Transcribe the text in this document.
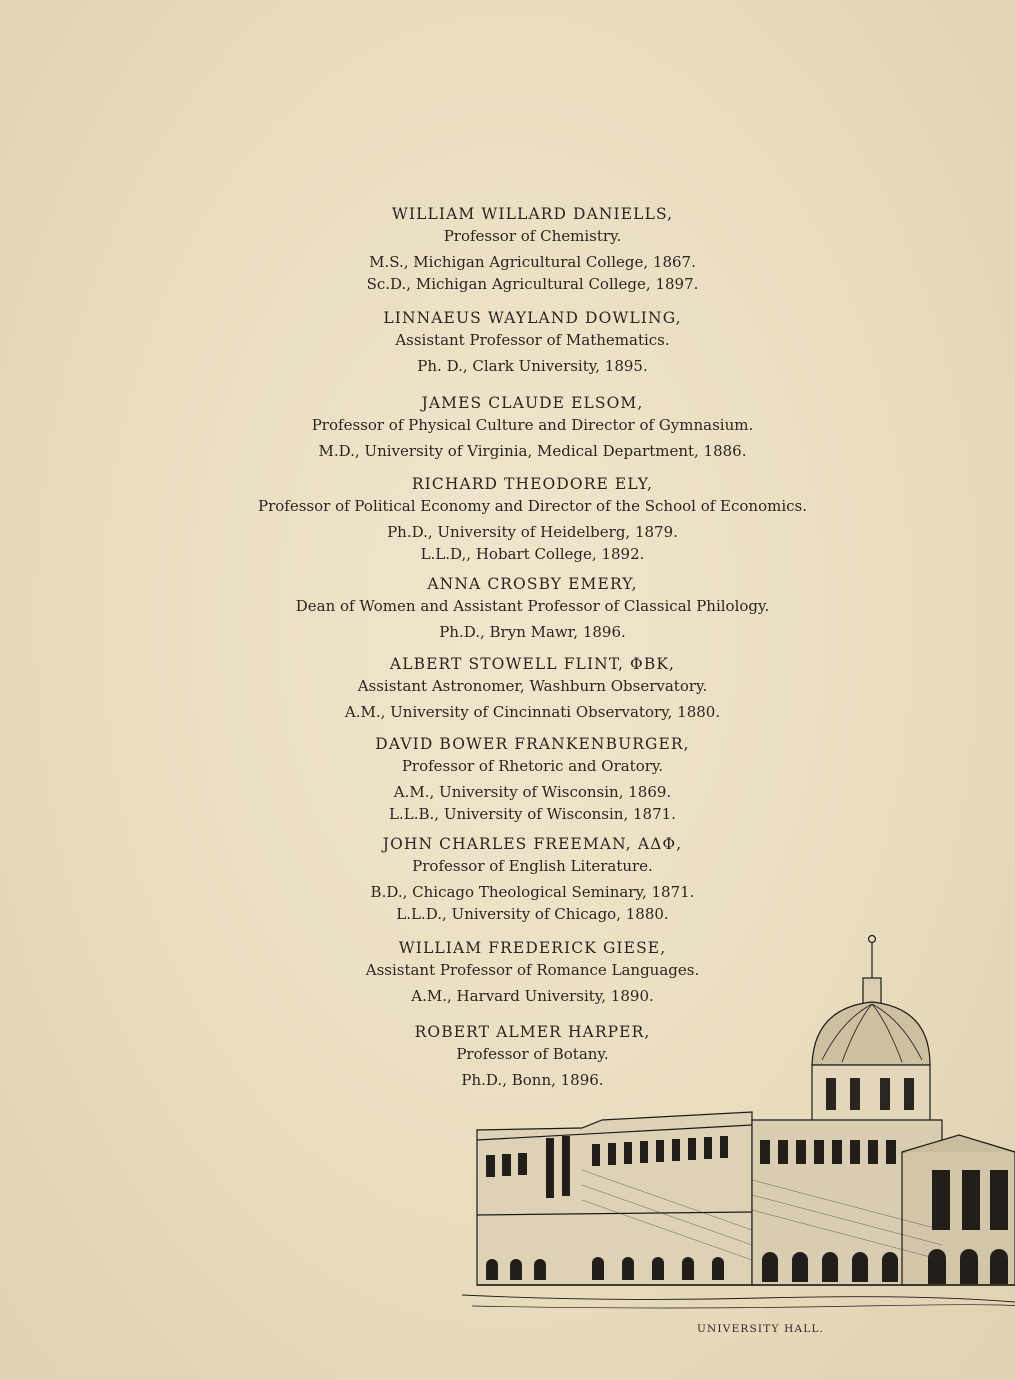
WILLIAM WILLARD DANIELLS,
Professor of Chemistry.
M.S., Michigan Agricultural College, 1867.
Sc.D., Michigan Agricultural College, 1897.
LINNAEUS WAYLAND DOWLING,
Assistant Professor of Mathematics.
Ph. D., Clark University, 1895.
JAMES CLAUDE ELSOM,
Professor of Physical Culture and Director of Gymnasium.
M.D., University of Virginia, Medical Department, 1886.
RICHARD THEODORE ELY,
Professor of Political Economy and Director of the School of Economics.
Ph.D., University of Heidelberg, 1879.
L.L.D,, Hobart College, 1892.
ANNA CROSBY EMERY,
Dean of Women and Assistant Professor of Classical Philology.
Ph.D., Bryn Mawr, 1896.
ALBERT STOWELL FLINT, ΦBK,
Assistant Astronomer, Washburn Observatory.
A.M., University of Cincinnati Observatory, 1880.
DAVID BOWER FRANKENBURGER,
Professor of Rhetoric and Oratory.
A.M., University of Wisconsin, 1869.
L.L.B., University of Wisconsin, 1871.
JOHN CHARLES FREEMAN, ΑΔΦ,
Professor of English Literature.
B.D., Chicago Theological Seminary, 1871.
L.L.D., University of Chicago, 1880.
WILLIAM FREDERICK GIESE,
Assistant Professor of Romance Languages.
A.M., Harvard University, 1890.
ROBERT ALMER HARPER,
Professor of Botany.
Ph.D., Bonn, 1896.
UNIVERSITY HALL.
